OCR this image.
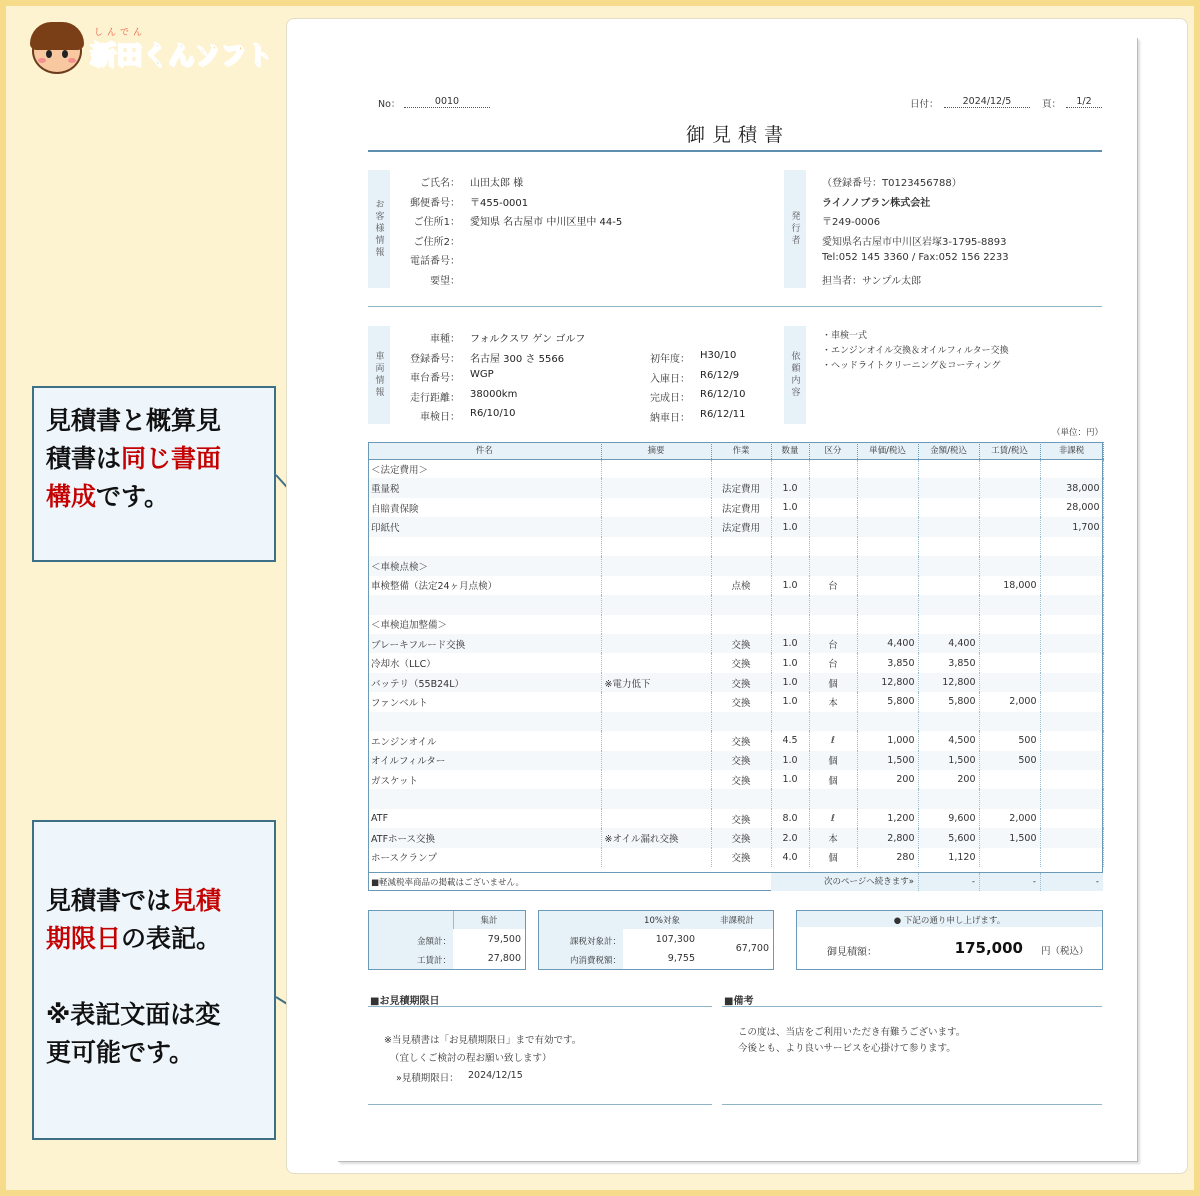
しんでん
新田くんソフト
見積書と概算見
積書は同じ書面
構成です。
見積書では見積
期限日の表記。
※表記文面は変
更可能です。
No：	0010	日付：	2024/12/5	頁：	1/2
御見積書
お客様情報
ご氏名： 山田太郎 様
郵便番号： 〒455-0001
ご住所1： 愛知県 名古屋市 中川区里中 44-5
ご住所2：
電話番号：
要望：
発行者
（登録番号：T0123456788）
ライノノブラン株式会社
〒249-0006
愛知県名古屋市中川区岩塚3-1795-8893
Tel:052 145 3360 / Fax:052 156 2233
担当者：サンプル太郎
車両情報
車種： フォルクスワ ゲン ゴルフ
登録番号： 名古屋 300 さ 5566
車台番号： WGP
走行距離： 38000km
車検日： R6/10/10
初年度： H30/10
入庫日： R6/12/9
完成日： R6/12/10
納車日： R6/12/11
依頼内容
・車検一式
・エンジンオイル交換＆オイルフィルター交換
・ヘッドライトクリーニング＆コーティング
（単位：円）
件名	摘要	作業	数量	区分	単価/税込	金額/税込	工賃/税込	非課税
＜法定費用＞								
重量税		法定費用	1.0					38,000
自賠責保険		法定費用	1.0					28,000
印紙代		法定費用	1.0					1,700

＜車検点検＞								
車検整備（法定24ヶ月点検）		点検	1.0	台			18,000	

＜車検追加整備＞								
ブレーキフルード交換		交換	1.0	台	4,400	4,400		
冷却水（LLC）		交換	1.0	台	3,850	3,850		
バッテリ（55B24L）	※電力低下	交換	1.0	個	12,800	12,800		
ファンベルト		交換	1.0	本	5,800	5,800	2,000	

エンジンオイル		交換	4.5	ℓ	1,000	4,500	500	
オイルフィルター		交換	1.0	個	1,500	1,500	500	
ガスケット		交換	1.0	個	200	200		

ATF		交換	8.0	ℓ	1,200	9,600	2,000	
ATFホース交換	※オイル漏れ交換	交換	2.0	本	2,800	5,600	1,500	
ホースクランプ		交換	4.0	個	280	1,120		
■軽減税率商品の掲載はございません。	次のページへ続きます»	-	-	-
集計
金額計：	79,500
工賃計：	27,800
10%対象	非課税計
課税対象計：	107,300
内消費税額：	9,755
67,700
● 下記の通り申し上げます。
御見積額：	175,000 円（税込）
■お見積期限日
※当見積書は「お見積期限日」まで有効です。
（宜しくご検討の程お願い致します）
»見積期限日： 2024/12/15
■備考
この度は、当店をご利用いただき有難うございます。
今後とも、より良いサービスを心掛けて参ります。
